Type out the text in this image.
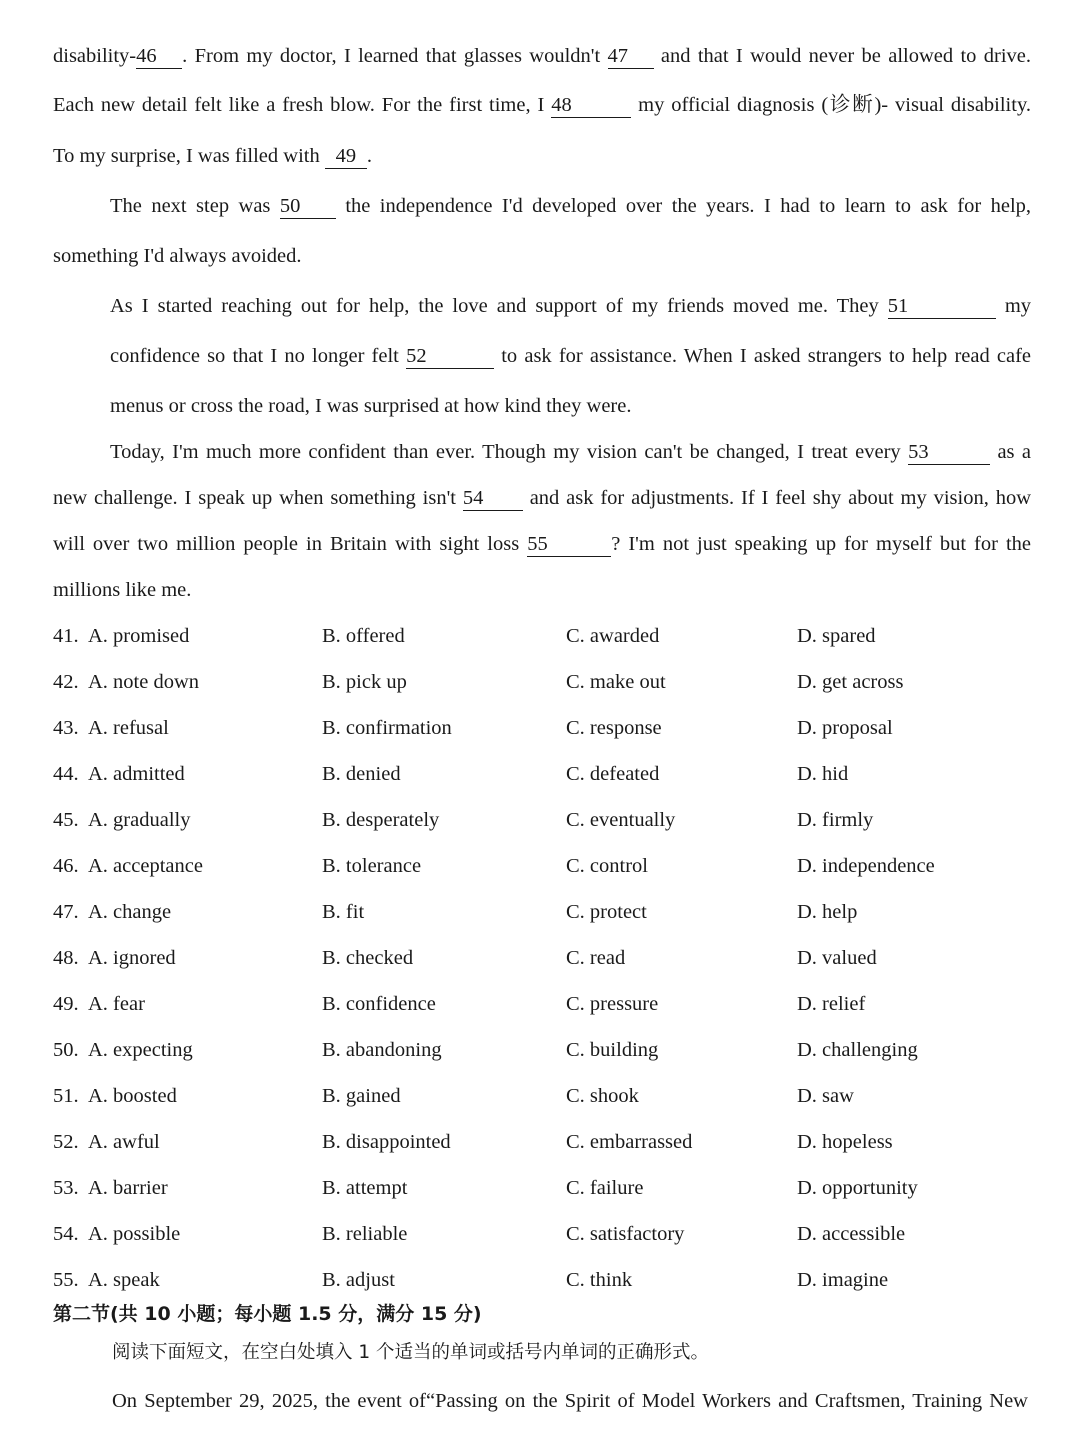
disability-46 . From my doctor, I learned that glasses wouldn't 47 and that I would never be allowed to drive.
Each new detail felt like a fresh blow. For the first time, I 48	my official diagnosis (诊断)- visual disability.
To my surprise, I was filled with 49 .
The next step was 50 the independence I'd developed over the years. I had to learn to ask for help,
something I'd always avoided.
As I started reaching out for help, the love and support of my friends moved me. They 51	my
confidence so that I no longer felt 52	to ask for assistance. When I asked strangers to help read cafe
menus or cross the road, I was surprised at how kind they were.
Today, I'm much more confident than ever. Though my vision can't be changed, I treat every 53	as a
new challenge. I speak up when something isn't 54 and ask for adjustments. If I feel shy about my vision, how
will over two million people in Britain with sight loss 55	? I'm not just speaking up for myself but for the
millions like me.
41. A. promised	B. offered	C. awarded	D. spared
42. A. note down	B. pick up	C. make out	D. get across
43. A. refusal	B. confirmation	C. response	D. proposal
44. A. admitted	B. denied	C. defeated	D. hid
45. A. gradually	B. desperately	C. eventually	D. firmly
46. A. acceptance	B. tolerance	C. control	D. independence
47. A. change	B. fit	C. protect	D. help
48. A. ignored	B. checked	C. read	D. valued
49. A. fear	B. confidence	C. pressure	D. relief
50. A. expecting	B. abandoning	C. building	D. challenging
51. A. boosted	B. gained	C. shook	D. saw
52. A. awful	B. disappointed	C. embarrassed	D. hopeless
53. A. barrier	B. attempt	C. failure	D. opportunity
54. A. possible	B. reliable	C. satisfactory	D. accessible
55. A. speak	B. adjust	C. think	D. imagine
第二节(共 10 小题；每小题 1.5 分，满分 15 分)
阅读下面短文，在空白处填入 1 个适当的单词或括号内单词的正确形式。
On September 29, 2025, the event of“Passing on the Spirit of Model Workers and Craftsmen, Training New
